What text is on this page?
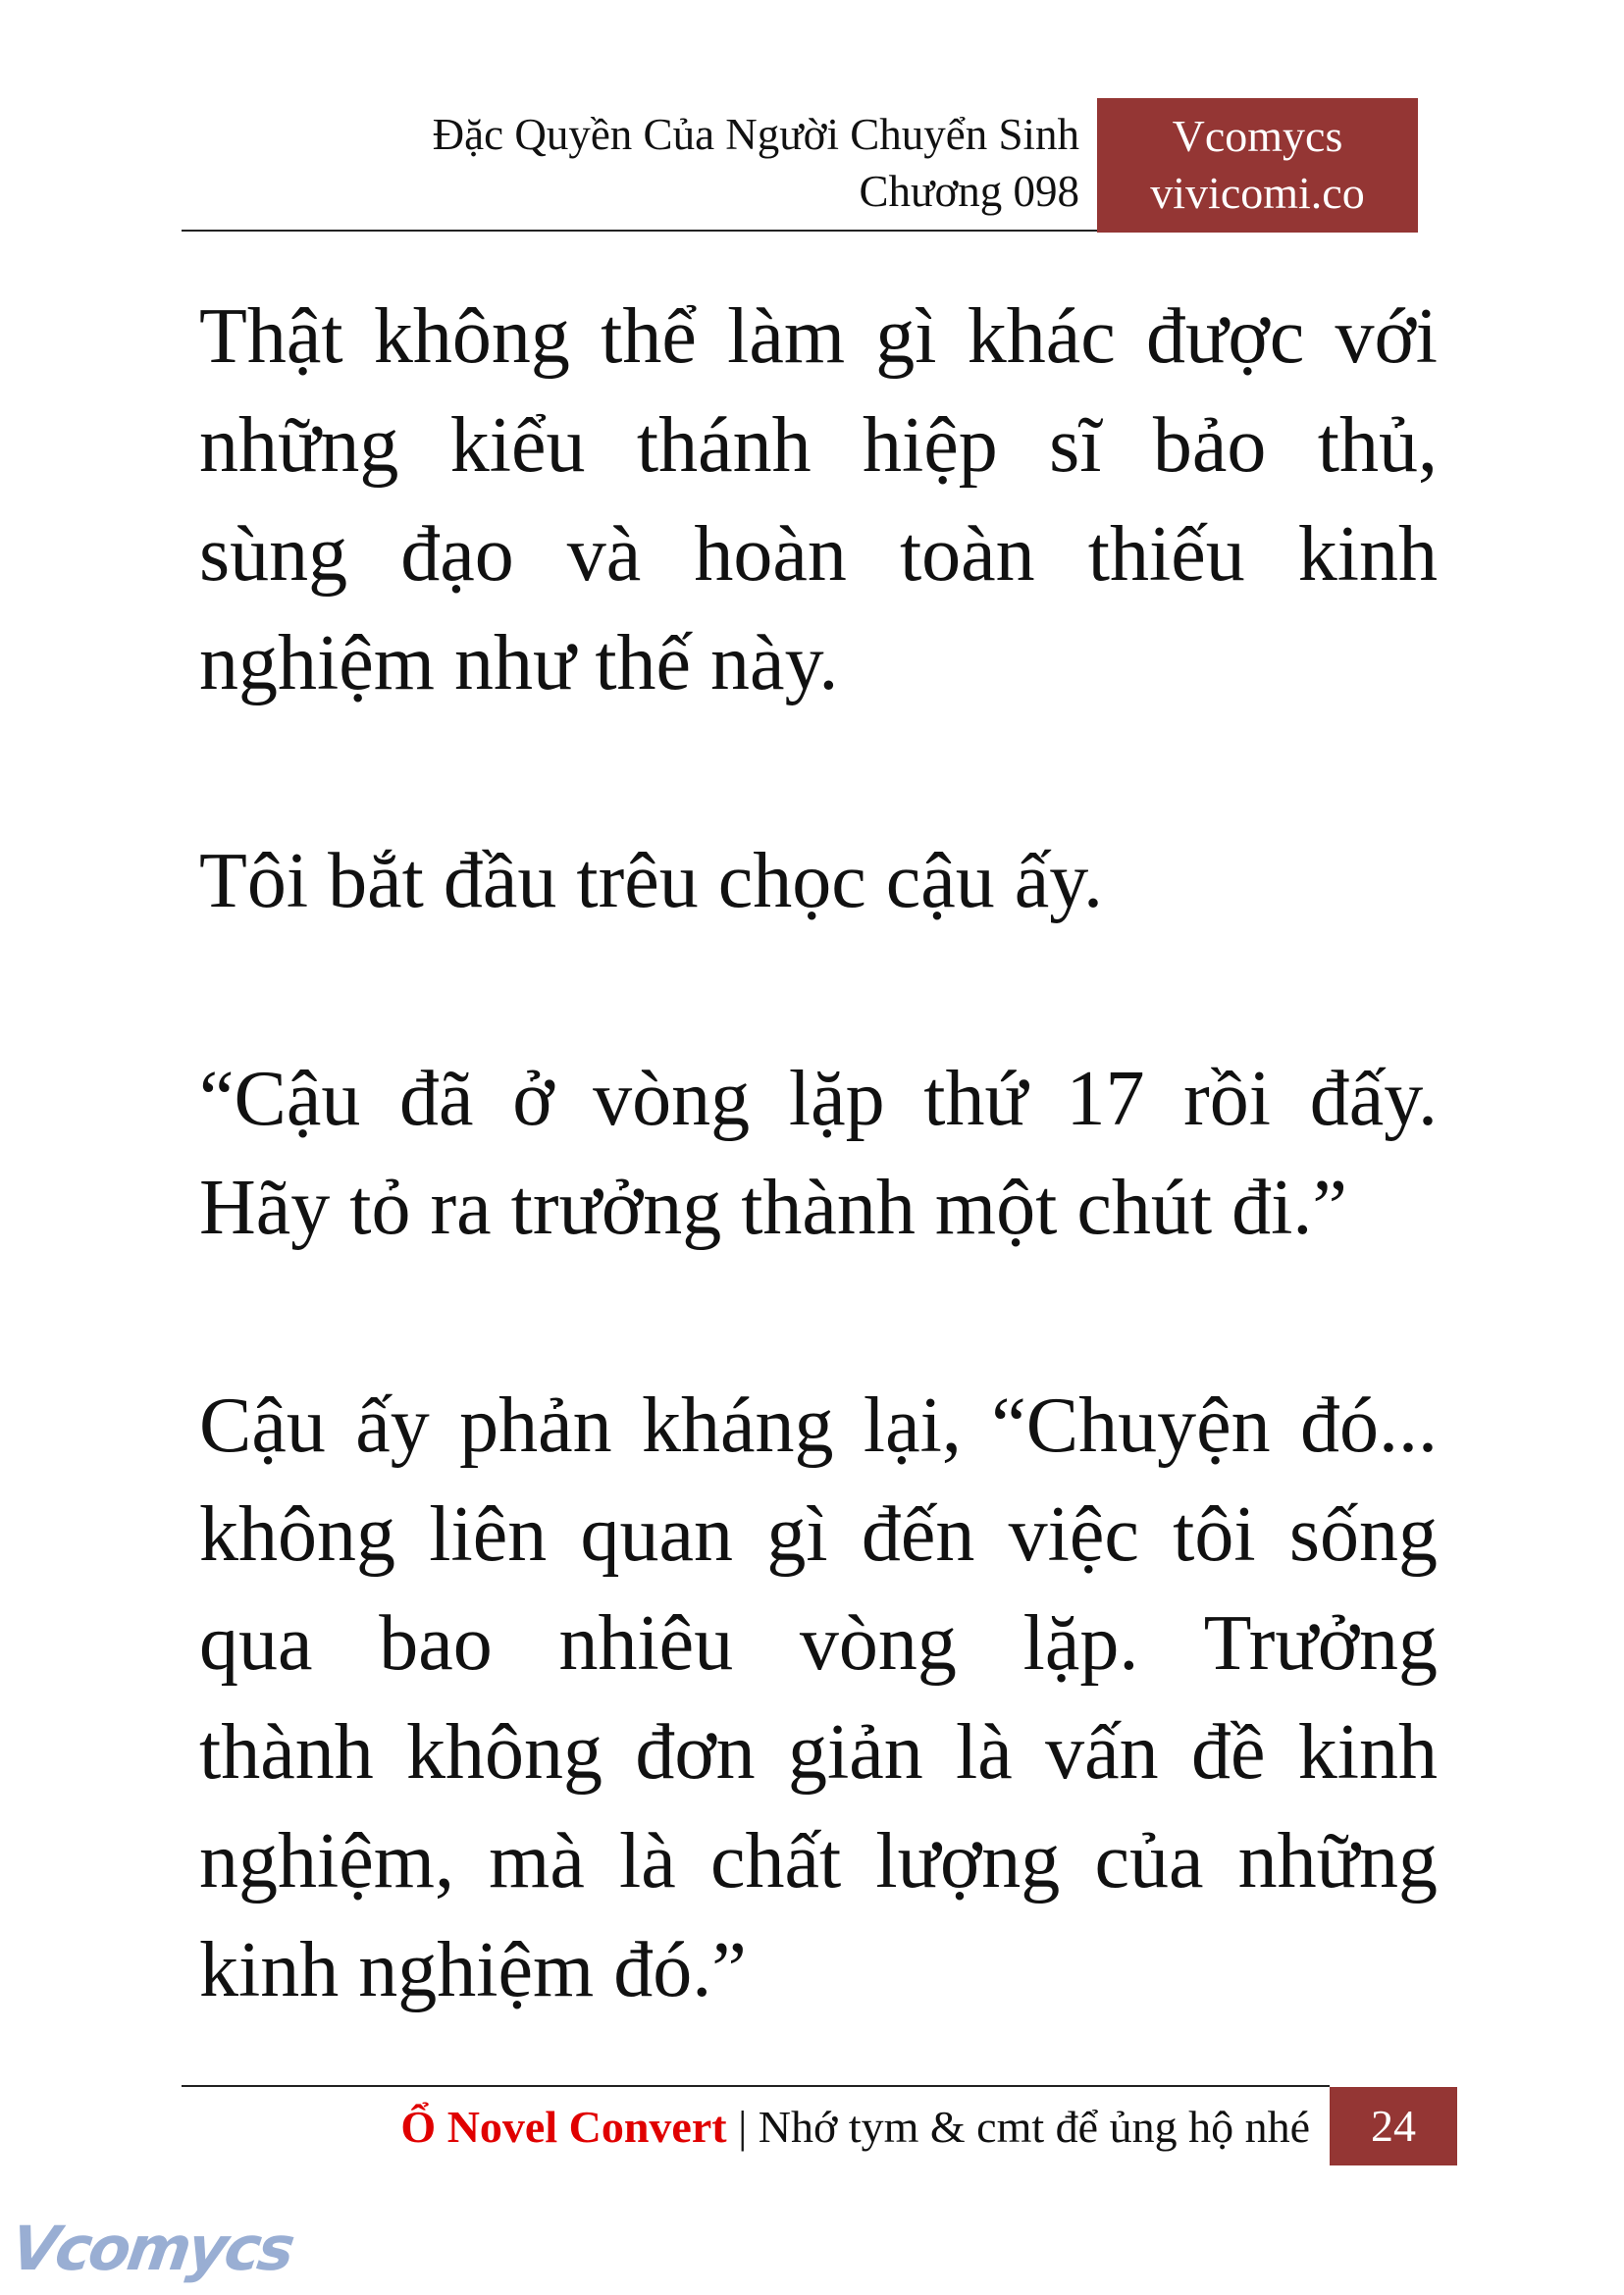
Đặc Quyền Của Người Chuyển Sinh
Chương 098
Vcomycs
vivicomi.co
Thật không thể làm gì khác được với
những kiểu thánh hiệp sĩ bảo thủ,
sùng đạo và hoàn toàn thiếu kinh
nghiệm như thế này.
Tôi bắt đầu trêu chọc cậu ấy.
“Cậu đã ở vòng lặp thứ 17 rồi đấy.
Hãy tỏ ra trưởng thành một chút đi.”
Cậu ấy phản kháng lại, “Chuyện đó...
không liên quan gì đến việc tôi sống
qua bao nhiêu vòng lặp. Trưởng
thành không đơn giản là vấn đề kinh
nghiệm, mà là chất lượng của những
kinh nghiệm đó.”
Ổ Novel Convert | Nhớ tym & cmt để ủng hộ nhé	24
Vcomycs
